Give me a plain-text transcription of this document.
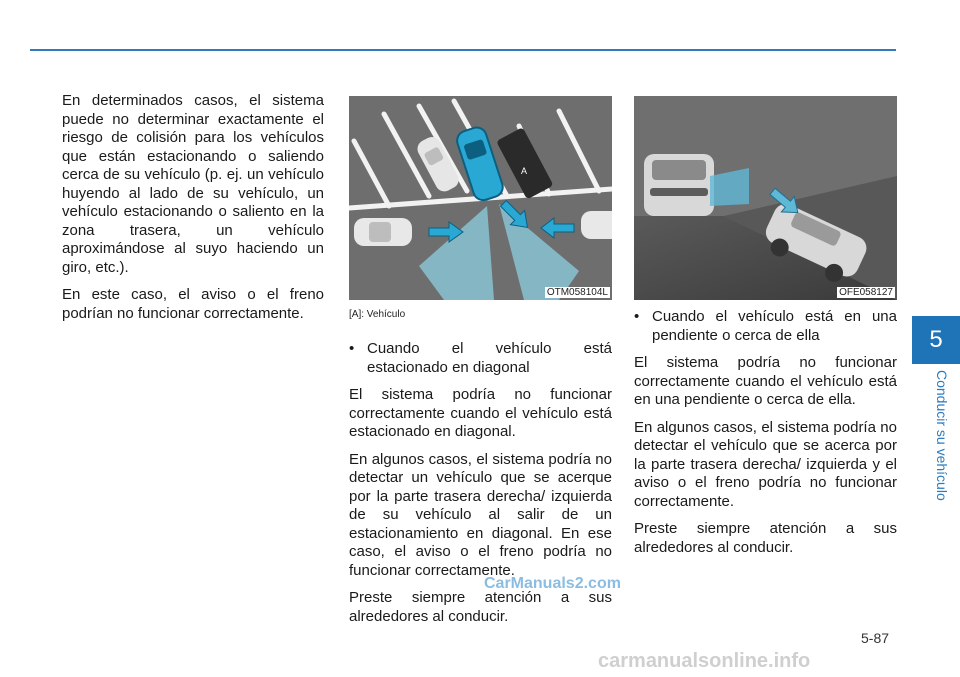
En determinados casos, el sistema puede no determinar exactamente el riesgo de colisión para los vehículos que están estacionando o saliendo cerca de su vehículo (p. ej. un vehículo huyendo al lado de su vehículo, un vehículo estacionando o saliento en la zona trasera, un vehículo aproximándose al suyo haciendo un giro, etc.).

En este caso, el aviso o el freno podrían no funcionar correctamente.

A
OTM058104L
[A]: Vehículo
OFE058127

• Cuando el vehículo está estacionado en diagonal

El sistema podría no funcionar correctamente cuando el vehículo está estacionado en diagonal.

En algunos casos, el sistema podría no detectar un vehículo que se acerque por la parte trasera derecha/ izquierda de su vehículo al salir de un estacionamiento en diagonal. En ese caso, el aviso o el freno podría no funcionar correctamente.

Preste siempre atención a sus alrededores al conducir.

• Cuando el vehículo está en una pendiente o cerca de ella

El sistema podría no funcionar correctamente cuando el vehículo está en una pendiente o cerca de ella.

En algunos casos, el sistema podría no detectar el vehículo que se acerca por la parte trasera derecha/ izquierda y el aviso o el freno podría no funcionar correctamente.

Preste siempre atención a sus alrededores al conducir.

5
Conducir su vehículo
5-87
CarManuals2.com
carmanualsonline.info
